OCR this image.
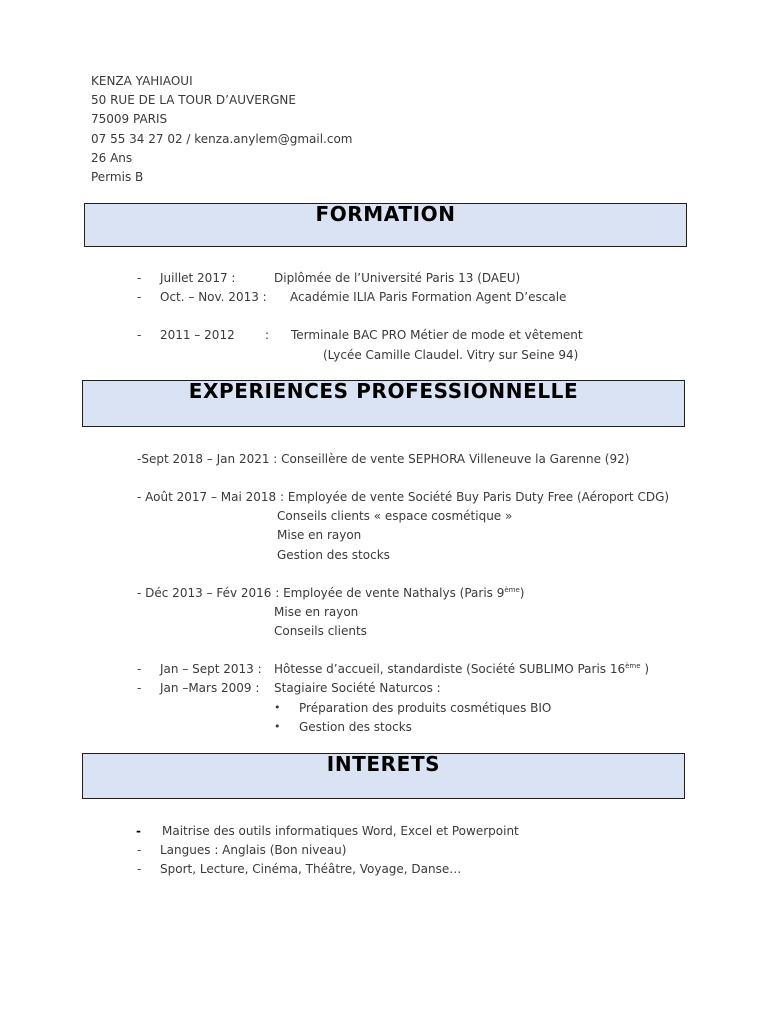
KENZA YAHIAOUI
50 RUE DE LA TOUR D’AUVERGNE
75009 PARIS
07 55 34 27 02 / kenza.anylem@gmail.com
26 Ans
Permis B
FORMATION
- Juillet 2017 :	Diplômée de l’Université Paris 13 (DAEU)
- Oct. – Nov. 2013 : Académie ILIA Paris Formation Agent D’escale
- 2011 – 2012	: Terminale BAC PRO Métier de mode et vêtement
(Lycée Camille Claudel. Vitry sur Seine 94)
EXPERIENCES PROFESSIONNELLE
-Sept 2018 – Jan 2021 : Conseillère de vente SEPHORA Villeneuve la Garenne (92)
- Août 2017 – Mai 2018 : Employée de vente Société Buy Paris Duty Free (Aéroport CDG)
Conseils clients « espace cosmétique »
Mise en rayon
Gestion des stocks
- Déc 2013 – Fév 2016 : Employée de vente Nathalys (Paris 9ème)
Mise en rayon
Conseils clients
- Jan – Sept 2013 : Hôtesse d’accueil, standardiste (Société SUBLIMO Paris 16ème )
- Jan –Mars 2009 : Stagiaire Société Naturcos :
• Préparation des produits cosmétiques BIO
• Gestion des stocks
INTERETS
- Maitrise des outils informatiques Word, Excel et Powerpoint
- Langues : Anglais (Bon niveau)
- Sport, Lecture, Cinéma, Théâtre, Voyage, Danse…
